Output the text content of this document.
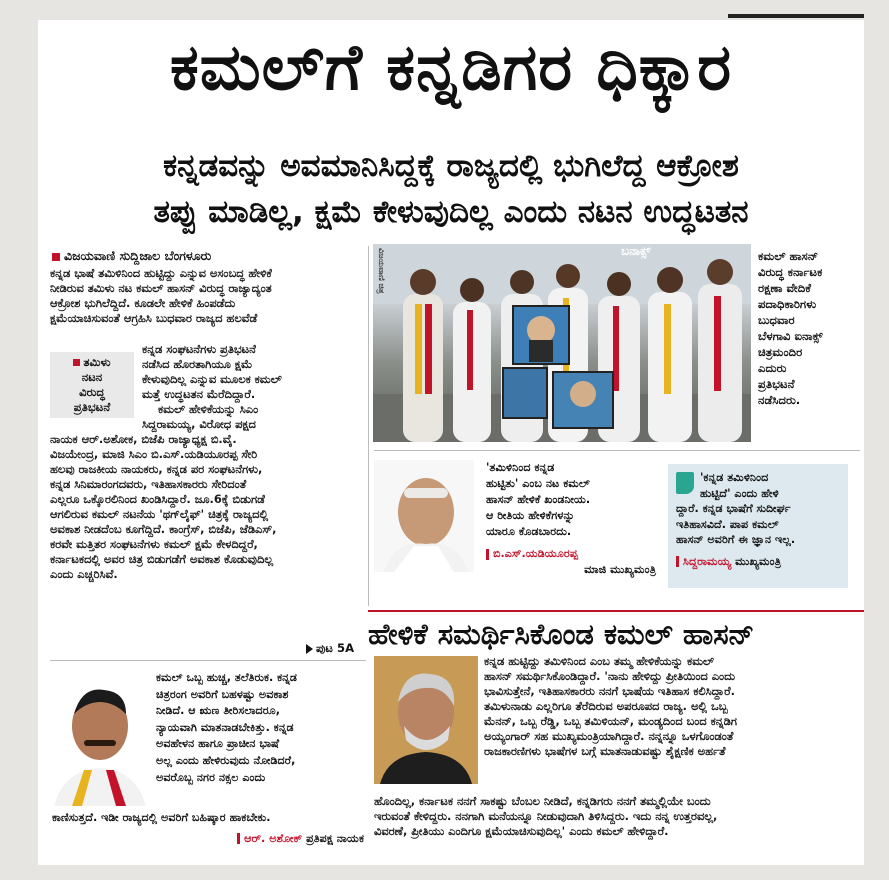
ಕಮಲ್‌ಗೆ ಕನ್ನಡಿಗರ ಧಿಕ್ಕಾರ
ಕನ್ನಡವನ್ನು ಅವಮಾನಿಸಿದ್ದಕ್ಕೆ ರಾಜ್ಯದಲ್ಲಿ ಭುಗಿಲೆದ್ದ ಆಕ್ರೋಶ
ತಪ್ಪು ಮಾಡಿಲ್ಲ, ಕ್ಷಮೆ ಕೇಳುವುದಿಲ್ಲ ಎಂದು ನಟನ ಉದ್ಧಟತನ
ವಿಜಯವಾಣಿ ಸುದ್ದಿಜಾಲ ಬೆಂಗಳೂರು

ಕನ್ನಡ ಭಾಷೆ ತಮಿಳಿನಿಂದ ಹುಟ್ಟಿದ್ದು ಎನ್ನುವ ಅಸಂಬದ್ಧ ಹೇಳಿಕೆ

ನೀಡಿರುವ ತಮಿಳು ನಟ ಕಮಲ್ ಹಾಸನ್ ವಿರುದ್ಧ ರಾಜ್ಯಾದ್ಯಂತ

ಆಕ್ರೋಶ ಭುಗಿಲೆದ್ದಿದೆ. ಕೂಡಲೇ ಹೇಳಿಕೆ ಹಿಂಪಡೆದು

ಕ್ಷಮೆಯಾಚಿಸುವಂತೆ ಆಗ್ರಹಿಸಿ ಬುಧವಾರ ರಾಜ್ಯದ ಹಲವೆಡೆ

ತಮಿಳು
ನಟನ
ವಿರುದ್ಧ
ಪ್ರತಿಭಟನೆ

ಕನ್ನಡ ಸಂಘಟನೆಗಳು ಪ್ರತಿಭಟನೆ

ನಡೆಸಿದ ಹೊರತಾಗಿಯೂ ಕ್ಷಮೆ

ಕೇಳುವುದಿಲ್ಲ ಎನ್ನುವ ಮೂಲಕ ಕಮಲ್

ಮತ್ತೆ ಉದ್ಧಟತನ ಮೆರೆದಿದ್ದಾರೆ.

ಕಮಲ್ ಹೇಳಿಕೆಯನ್ನು ಸಿಎಂ

ಸಿದ್ದರಾಮಯ್ಯ, ವಿರೋಧ ಪಕ್ಷದ

ನಾಯಕ ಆರ್.ಅಶೋಕ, ಬಿಜೆಪಿ ರಾಜ್ಯಾಧ್ಯಕ್ಷ ಬಿ.ವೈ.

ವಿಜಯೇಂದ್ರ, ಮಾಜಿ ಸಿಎಂ ಬಿ.ಎಸ್.ಯಡಿಯೂರಪ್ಪ ಸೇರಿ

ಹಲವು ರಾಜಕೀಯ ನಾಯಕರು, ಕನ್ನಡ ಪರ ಸಂಘಟನೆಗಳು,

ಕನ್ನಡ ಸಿನಿಮಾರಂಗದವರು, ಇತಿಹಾಸಕಾರರು ಸೇರಿದಂತೆ

ಎಲ್ಲರೂ ಒಕ್ಕೊರಲಿನಿಂದ ಖಂಡಿಸಿದ್ದಾರೆ. ಜೂ.6ಕ್ಕೆ ಬಿಡುಗಡೆ

ಆಗಲಿರುವ ಕಮಲ್ ನಟನೆಯ 'ಥಗ್‌ಲೈಫ್' ಚಿತ್ರಕ್ಕೆ ರಾಜ್ಯದಲ್ಲಿ

ಅವಕಾಶ ನೀಡದೆಂಬ ಕೂಗೆದ್ದಿದೆ. ಕಾಂಗ್ರೆಸ್, ಬಿಜೆಪಿ, ಜೆಡಿಎಸ್,

ಕರವೇ ಮತ್ತಿತರ ಸಂಘಟನೆಗಳು ಕಮಲ್ ಕ್ಷಮೆ ಕೇಳದಿದ್ದರೆ,

ಕರ್ನಾಟಕದಲ್ಲಿ ಅವರ ಚಿತ್ರ ಬಿಡುಗಡೆಗೆ ಅವಕಾಶ ಕೊಡುವುದಿಲ್ಲ

ಎಂದು ಎಚ್ಚರಿಸಿವೆ.

ಪುಟ 5A
ವಿಜಯವಾಣಿ ಚಿತ್ರ	ಬನಾಕ್ಸ್	ಕಮಲ್ ಹಾಸನ್
ವಿರುದ್ಧ ಕರ್ನಾಟಕ
ರಕ್ಷಣಾ ವೇದಿಕೆ
ಪದಾಧಿಕಾರಿಗಳು
ಬುಧವಾರ
ಬೆಳಗಾವಿ ಐನಾಕ್ಸ್
ಚಿತ್ರಮಂದಿರ
ಎದುರು
ಪ್ರತಿಭಟನೆ
ನಡೆಸಿದರು.
'ತಮಿಳಿನಿಂದ ಕನ್ನಡ
ಹುಟ್ಟಿತು' ಎಂಬ ನಟ ಕಮಲ್
ಹಾಸನ್ ಹೇಳಿಕೆ ಖಂಡನೀಯ.
ಆ ರೀತಿಯ ಹೇಳಿಕೆಗಳನ್ನು
ಯಾರೂ ಕೊಡಬಾರದು.
ಬಿ.ಎಸ್.ಯಡಿಯೂರಪ್ಪ
ಮಾಜಿ ಮುಖ್ಯಮಂತ್ರಿ
'ಕನ್ನಡ ತಮಿಳಿನಿಂದ
ಹುಟ್ಟಿದೆ' ಎಂದು ಹೇಳಿ
ದ್ದಾರೆ. ಕನ್ನಡ ಭಾಷೆಗೆ ಸುದೀರ್ಘ
ಇತಿಹಾಸವಿದೆ. ಪಾಪ ಕಮಲ್
ಹಾಸನ್ ಅವರಿಗೆ ಈ ಜ್ಞಾನ ಇಲ್ಲ.
ಸಿದ್ದರಾಮಯ್ಯ ಮುಖ್ಯಮಂತ್ರಿ
ಹೇಳಿಕೆ ಸಮರ್ಥಿಸಿಕೊಂಡ ಕಮಲ್ ಹಾಸನ್

ಕನ್ನಡ ಹುಟ್ಟಿದ್ದು ತಮಿಳಿನಿಂದ ಎಂಬ ತಮ್ಮ ಹೇಳಿಕೆಯನ್ನು ಕಮಲ್

ಹಾಸನ್ ಸಮರ್ಥಿಸಿಕೊಂಡಿದ್ದಾರೆ. 'ನಾನು ಹೇಳಿದ್ದು ಪ್ರೀತಿಯಿಂದ ಎಂದು

ಭಾವಿಸುತ್ತೇನೆ, ಇತಿಹಾಸಕಾರರು ನನಗೆ ಭಾಷೆಯ ಇತಿಹಾಸ ಕಲಿಸಿದ್ದಾರೆ.

ತಮಿಳುನಾಡು ಎಲ್ಲರಿಗೂ ತೆರೆದಿರುವ ಅಪರೂಪದ ರಾಜ್ಯ. ಅಲ್ಲಿ ಒಬ್ಬ

ಮೆನನ್, ಒಬ್ಬ ರೆಡ್ಡಿ, ಒಬ್ಬ ತಮಿಳಿಯನ್, ಮಂಡ್ಯದಿಂದ ಬಂದ ಕನ್ನಡಿಗ

ಅಯ್ಯಂಗಾರ್ ಸಹ ಮುಖ್ಯಮಂತ್ರಿಯಾಗಿದ್ದಾರೆ. ನನ್ನನ್ನೂ ಒಳಗೊಂಡಂತೆ

ರಾಜಕಾರಣಿಗಳು ಭಾಷೆಗಳ ಬಗ್ಗೆ ಮಾತನಾಡುವಷ್ಟು ಶೈಕ್ಷಣಿಕ ಅರ್ಹತೆ

ಹೊಂದಿಲ್ಲ, ಕರ್ನಾಟಕ ನನಗೆ ಸಾಕಷ್ಟು ಬೆಂಬಲ ನೀಡಿದೆ, ಕನ್ನಡಿಗರು ನನಗೆ ತಮ್ಮಲ್ಲಿಯೇ ಬಂದು

ಇರುವಂತೆ ಕೇಳಿದ್ದರು. ನನಗಾಗಿ ಮನೆಯನ್ನೂ ನೀಡುವುದಾಗಿ ತಿಳಿಸಿದ್ದರು. ಇದು ನನ್ನ ಉತ್ತರವಲ್ಲ,

ವಿವರಣೆ, ಪ್ರೀತಿಯು ಎಂದಿಗೂ ಕ್ಷಮೆಯಾಚಿಸುವುದಿಲ್ಲ' ಎಂದು ಕಮಲ್ ಹೇಳಿದ್ದಾರೆ.

ಕಮಲ್ ಒಬ್ಬ ಹುಚ್ಚ, ತಲೆತಿರುಕ. ಕನ್ನಡ
ಚಿತ್ರರಂಗ ಅವರಿಗೆ ಬಹಳಷ್ಟು ಅವಕಾಶ
ನೀಡಿದೆ. ಆ ಋಣ ತೀರಿಸಲಾದರೂ,
ನ್ಯಾಯವಾಗಿ ಮಾತನಾಡಬೇಕಿತ್ತು. ಕನ್ನಡ
ಅವಹೇಳನ ಹಾಗೂ ಪ್ರಾಚೀನ ಭಾಷೆ
ಅಲ್ಲ ಎಂದು ಹೇಳಿರುವುದು ನೋಡಿದರೆ,
ಅವರೊಬ್ಬ ನಗರ ನಕ್ಸಲ ಎಂದು
ಕಾಣಿಸುತ್ತದೆ. ಇಡೀ ರಾಜ್ಯದಲ್ಲಿ ಅವರಿಗೆ ಬಹಿಷ್ಕಾರ ಹಾಕಬೇಕು.
ಆರ್. ಅಶೋಕ್ ಪ್ರತಿಪಕ್ಷ ನಾಯಕ
